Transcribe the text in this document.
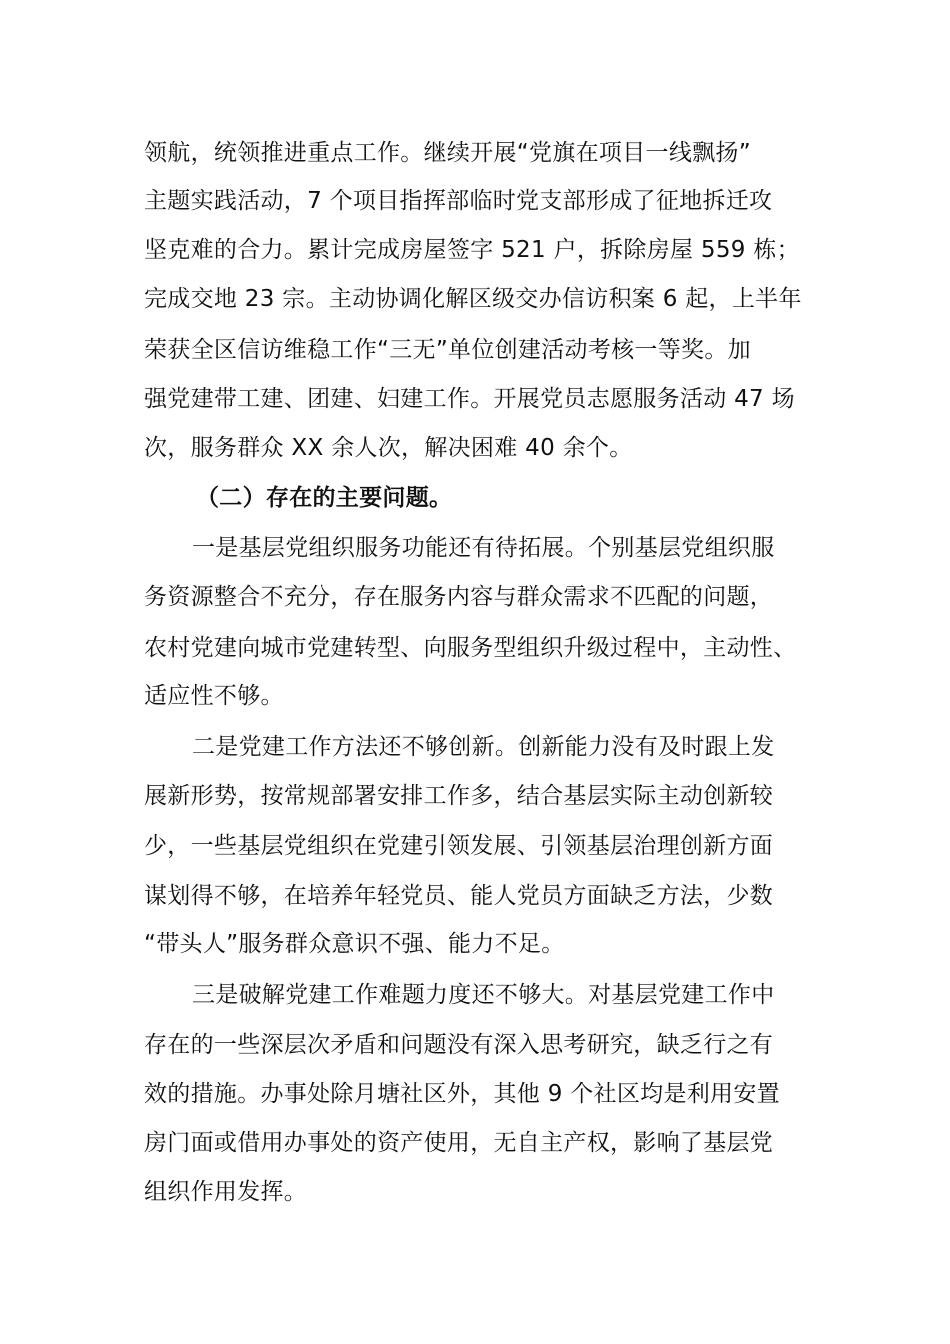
领航，统领推进重点工作。继续开展“党旗在项目一线飘扬”
主题实践活动，7 个项目指挥部临时党支部形成了征地拆迁攻
坚克难的合力。累计完成房屋签字 521 户，拆除房屋 559 栋；
完成交地 23 宗。主动协调化解区级交办信访积案 6 起，上半年
荣获全区信访维稳工作“三无”单位创建活动考核一等奖。加
强党建带工建、团建、妇建工作。开展党员志愿服务活动 47 场
次，服务群众 XX 余人次，解决困难 40 余个。
（二）存在的主要问题。
一是基层党组织服务功能还有待拓展。个别基层党组织服
务资源整合不充分，存在服务内容与群众需求不匹配的问题，
农村党建向城市党建转型、向服务型组织升级过程中，主动性、
适应性不够。
二是党建工作方法还不够创新。创新能力没有及时跟上发
展新形势，按常规部署安排工作多，结合基层实际主动创新较
少，一些基层党组织在党建引领发展、引领基层治理创新方面
谋划得不够，在培养年轻党员、能人党员方面缺乏方法，少数
“带头人”服务群众意识不强、能力不足。
三是破解党建工作难题力度还不够大。对基层党建工作中
存在的一些深层次矛盾和问题没有深入思考研究，缺乏行之有
效的措施。办事处除月塘社区外，其他 9 个社区均是利用安置
房门面或借用办事处的资产使用，无自主产权，影响了基层党
组织作用发挥。
